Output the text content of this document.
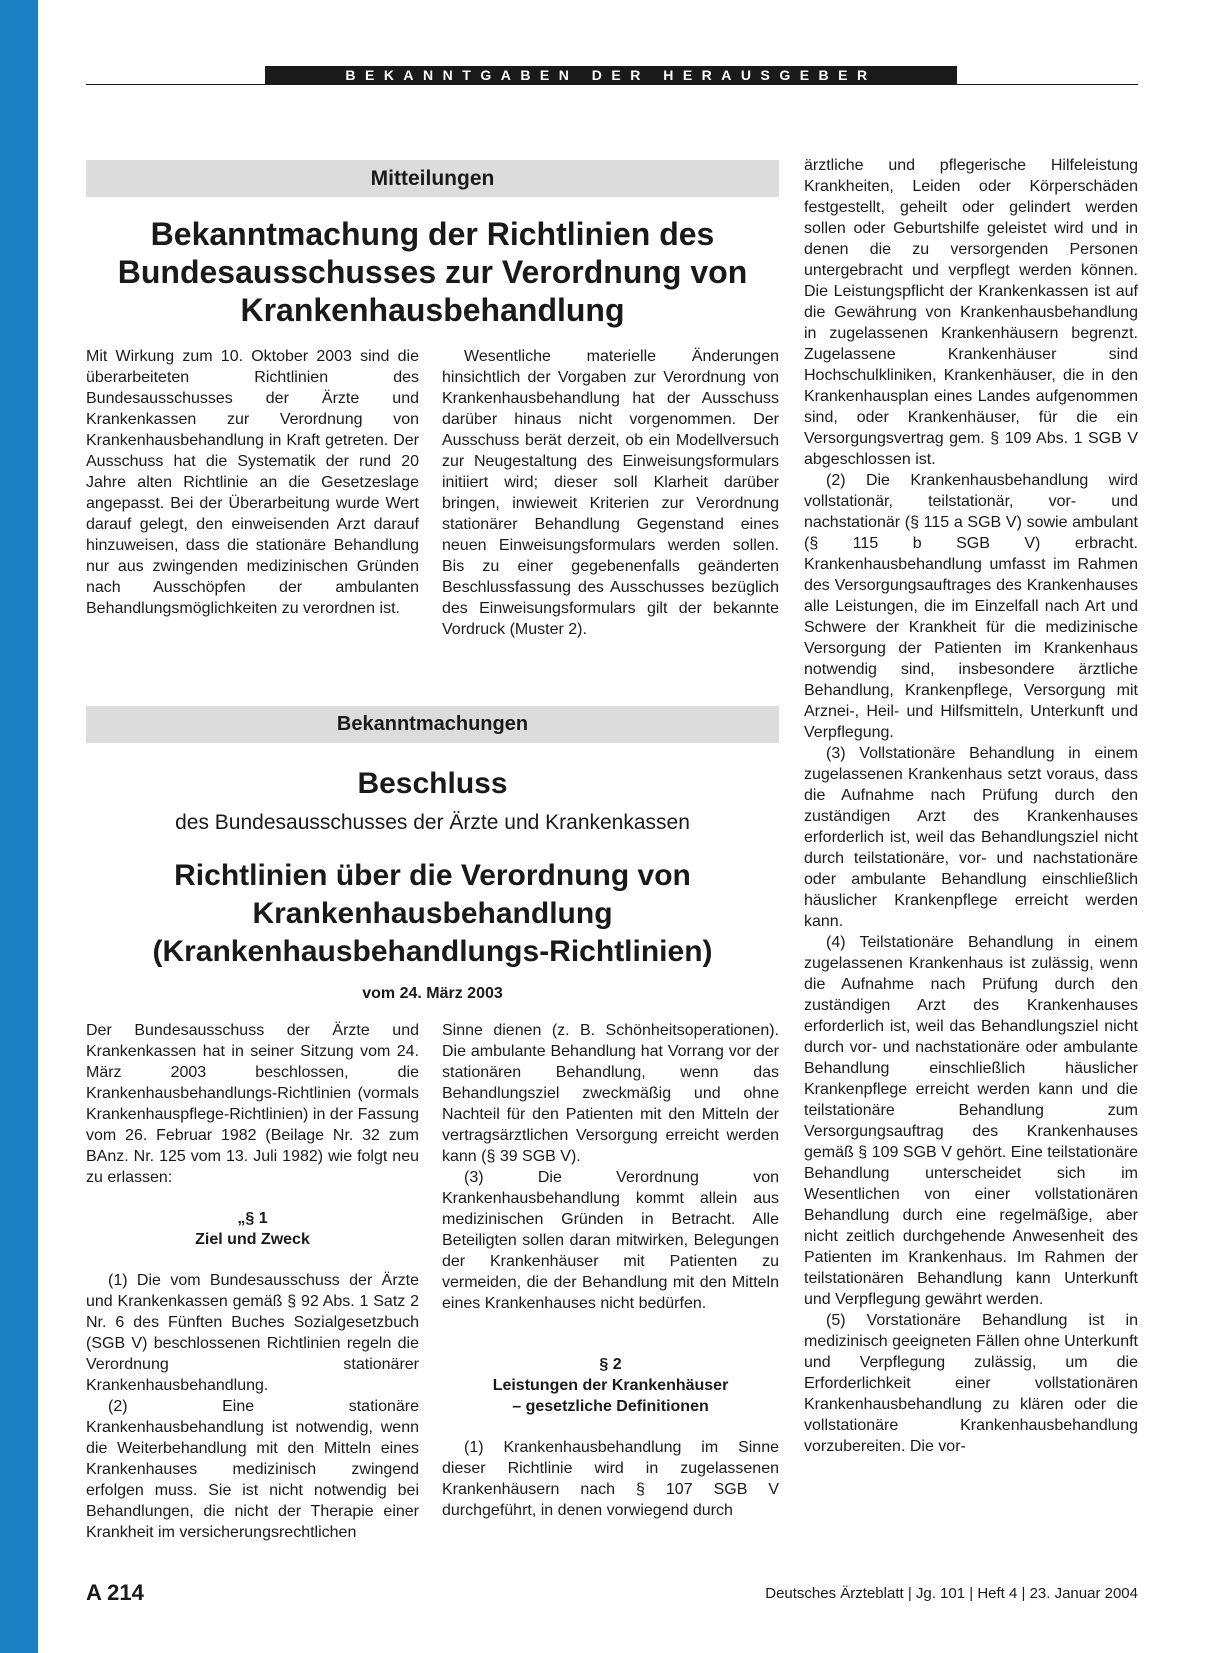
BEKANNTGABEN DER HERAUSGEBER
Mitteilungen
Bekanntmachung der Richtlinien des
Bundesausschusses zur Verordnung von
Krankenhausbehandlung

Mit Wirkung zum 10. Oktober 2003 sind die überarbeiteten Richtlinien des Bundesausschusses der Ärzte und Krankenkassen zur Verordnung von Krankenhausbehandlung in Kraft getreten. Der Ausschuss hat die Systematik der rund 20 Jahre alten Richtlinie an die Gesetzeslage angepasst. Bei der Überarbeitung wurde Wert darauf gelegt, den einweisenden Arzt darauf hinzuweisen, dass die stationäre Behandlung nur aus zwingenden medizinischen Gründen nach Ausschöpfen der ambulanten Behandlungsmöglichkeiten zu verordnen ist.

Wesentliche materielle Änderungen hinsichtlich der Vorgaben zur Verordnung von Krankenhausbehandlung hat der Ausschuss darüber hinaus nicht vorgenommen. Der Ausschuss berät derzeit, ob ein Modellversuch zur Neugestaltung des Einweisungsformulars initiiert wird; dieser soll Klarheit darüber bringen, inwieweit Kriterien zur Verordnung stationärer Behandlung Gegenstand eines neuen Einweisungsformulars werden sollen. Bis zu einer gegebenenfalls geänderten Beschlussfassung des Ausschusses bezüglich des Einweisungsformulars gilt der bekannte Vordruck (Muster 2).

Bekanntmachungen
Beschluss
des Bundesausschusses der Ärzte und Krankenkassen
Richtlinien über die Verordnung von
Krankenhausbehandlung
(Krankenhausbehandlungs-Richtlinien)
vom 24. März 2003

Der Bundesausschuss der Ärzte und Krankenkassen hat in seiner Sitzung vom 24. März 2003 beschlossen, die Krankenhausbehandlungs-Richtlinien (vormals Krankenhauspflege-Richtlinien) in der Fassung vom 26. Februar 1982 (Beilage Nr. 32 zum BAnz. Nr. 125 vom 13. Juli 1982) wie folgt neu zu erlassen:

„§ 1
Ziel und Zweck

(1) Die vom Bundesausschuss der Ärzte und Krankenkassen gemäß § 92 Abs. 1 Satz 2 Nr. 6 des Fünften Buches Sozialgesetzbuch (SGB V) beschlossenen Richtlinien regeln die Verordnung stationärer Krankenhausbehandlung.

(2) Eine stationäre Krankenhausbehandlung ist notwendig, wenn die Weiterbehandlung mit den Mitteln eines Krankenhauses medizinisch zwingend erfolgen muss. Sie ist nicht notwendig bei Behandlungen, die nicht der Therapie einer Krankheit im versicherungsrechtlichen

Sinne dienen (z. B. Schönheitsoperationen). Die ambulante Behandlung hat Vorrang vor der stationären Behandlung, wenn das Behandlungsziel zweckmäßig und ohne Nachteil für den Patienten mit den Mitteln der vertragsärztlichen Versorgung erreicht werden kann (§ 39 SGB V).

(3) Die Verordnung von Krankenhausbehandlung kommt allein aus medizinischen Gründen in Betracht. Alle Beteiligten sollen daran mitwirken, Belegungen der Krankenhäuser mit Patienten zu vermeiden, die der Behandlung mit den Mitteln eines Krankenhauses nicht bedürfen.

§ 2
Leistungen der Krankenhäuser
– gesetzliche Definitionen

(1) Krankenhausbehandlung im Sinne dieser Richtlinie wird in zugelassenen Krankenhäusern nach § 107 SGB V durchgeführt, in denen vorwiegend durch

ärztliche und pflegerische Hilfeleistung Krankheiten, Leiden oder Körperschäden festgestellt, geheilt oder gelindert werden sollen oder Geburtshilfe geleistet wird und in denen die zu versorgenden Personen untergebracht und verpflegt werden können. Die Leistungspflicht der Krankenkassen ist auf die Gewährung von Krankenhausbehandlung in zugelassenen Krankenhäusern begrenzt. Zugelassene Krankenhäuser sind Hochschulkliniken, Krankenhäuser, die in den Krankenhausplan eines Landes aufgenommen sind, oder Krankenhäuser, für die ein Versorgungsvertrag gem. § 109 Abs. 1 SGB V abgeschlossen ist.

(2) Die Krankenhausbehandlung wird vollstationär, teilstationär, vor- und nachstationär (§ 115 a SGB V) sowie ambulant (§ 115 b SGB V) erbracht. Krankenhausbehandlung umfasst im Rahmen des Versorgungsauftrages des Krankenhauses alle Leistungen, die im Einzelfall nach Art und Schwere der Krankheit für die medizinische Versorgung der Patienten im Krankenhaus notwendig sind, insbesondere ärztliche Behandlung, Krankenpflege, Versorgung mit Arznei-, Heil- und Hilfsmitteln, Unterkunft und Verpflegung.

(3) Vollstationäre Behandlung in einem zugelassenen Krankenhaus setzt voraus, dass die Aufnahme nach Prüfung durch den zuständigen Arzt des Krankenhauses erforderlich ist, weil das Behandlungsziel nicht durch teilstationäre, vor- und nachstationäre oder ambulante Behandlung einschließlich häuslicher Krankenpflege erreicht werden kann.

(4) Teilstationäre Behandlung in einem zugelassenen Krankenhaus ist zulässig, wenn die Aufnahme nach Prüfung durch den zuständigen Arzt des Krankenhauses erforderlich ist, weil das Behandlungsziel nicht durch vor- und nachstationäre oder ambulante Behandlung einschließlich häuslicher Krankenpflege erreicht werden kann und die teilstationäre Behandlung zum Versorgungsauftrag des Krankenhauses gemäß § 109 SGB V gehört. Eine teilstationäre Behandlung unterscheidet sich im Wesentlichen von einer vollstationären Behandlung durch eine regelmäßige, aber nicht zeitlich durchgehende Anwesenheit des Patienten im Krankenhaus. Im Rahmen der teilstationären Behandlung kann Unterkunft und Verpflegung gewährt werden.

(5) Vorstationäre Behandlung ist in medizinisch geeigneten Fällen ohne Unterkunft und Verpflegung zulässig, um die Erforderlichkeit einer vollstationären Krankenhausbehandlung zu klären oder die vollstationäre Krankenhausbehandlung vorzubereiten. Die vor-

A 214	Deutsches Ärzteblatt | Jg. 101 | Heft 4 | 23. Januar 2004
